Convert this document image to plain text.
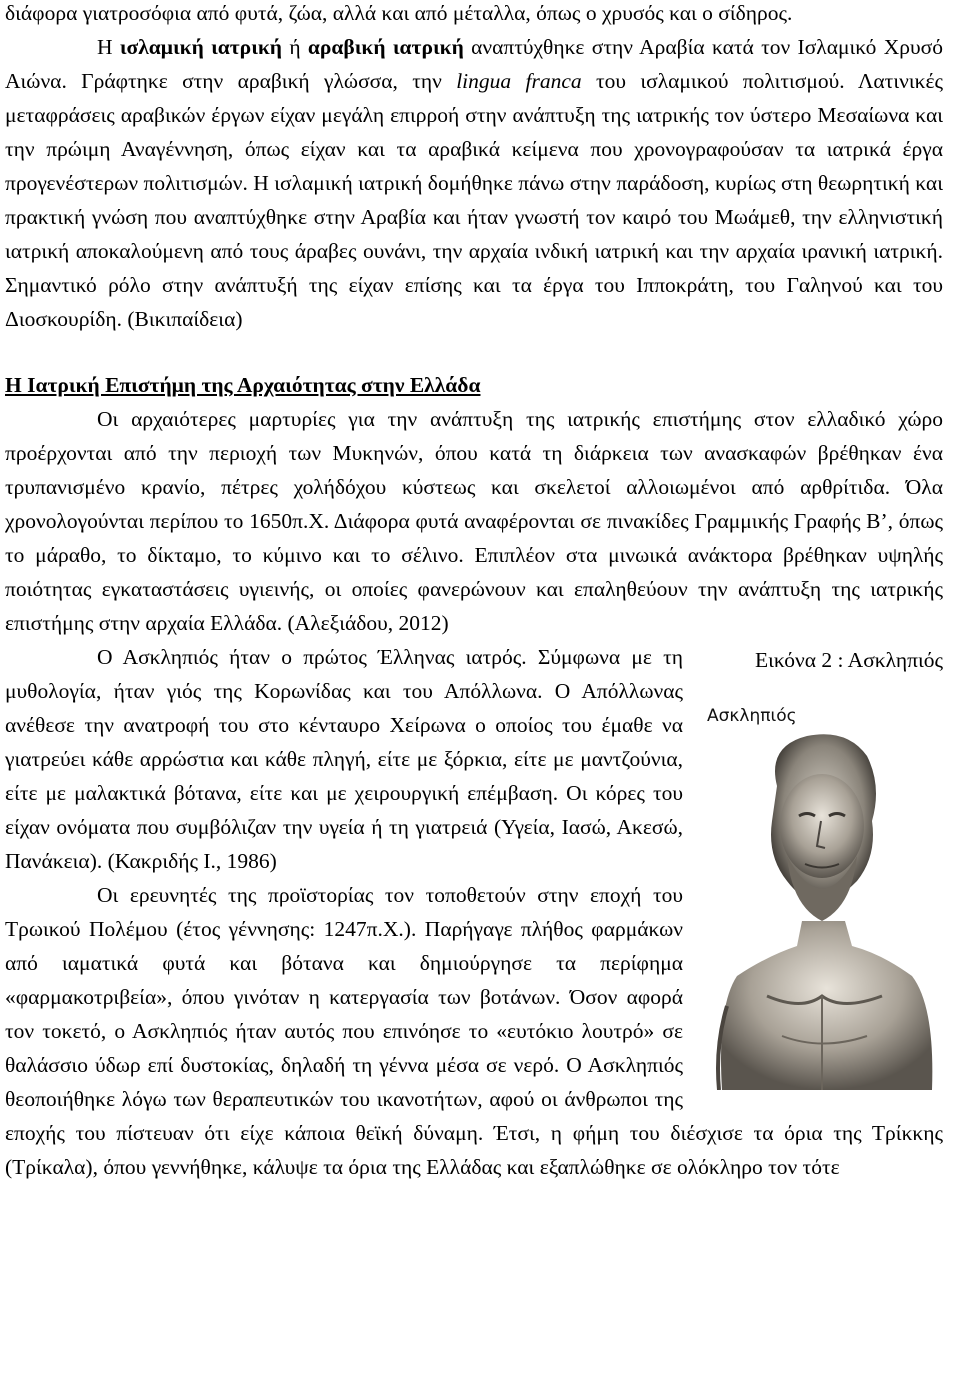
διάφορα γιατροσόφια από φυτά, ζώα, αλλά και από μέταλλα, όπως ο χρυσός και ο σίδηρος.

Η ισλαμική ιατρική ή αραβική ιατρική αναπτύχθηκε στην Αραβία κατά τον Ισλαμικό Χρυσό Αιώνα. Γράφτηκε στην αραβική γλώσσα, την lingua franca του ισλαμικού πολιτισμού. Λατινικές μεταφράσεις αραβικών έργων είχαν μεγάλη επιρροή στην ανάπτυξη της ιατρικής τον ύστερο Μεσαίωνα και την πρώιμη Αναγέννηση, όπως είχαν και τα αραβικά κείμενα που χρονογραφούσαν τα ιατρικά έργα προγενέστερων πολιτισμών. Η ισλαμική ιατρική δομήθηκε πάνω στην παράδοση, κυρίως στη θεωρητική και πρακτική γνώση που αναπτύχθηκε στην Αραβία και ήταν γνωστή τον καιρό του Μωάμεθ, την ελληνιστική ιατρική αποκαλούμενη από τους άραβες ουνάνι, την αρχαία ινδική ιατρική και την αρχαία ιρανική ιατρική. Σημαντικό ρόλο στην ανάπτυξή της είχαν επίσης και τα έργα του Ιπποκράτη, του Γαληνού και του Διοσκουρίδη. (Βικιπαίδεια)

Η Ιατρική Επιστήμη της Αρχαιότητας στην Ελλάδα

Οι αρχαιότερες μαρτυρίες για την ανάπτυξη της ιατρικής επιστήμης στον ελλαδικό χώρο προέρχονται από την περιοχή των Μυκηνών, όπου κατά τη διάρκεια των ανασκαφών βρέθηκαν ένα τρυπανισμένο κρανίο, πέτρες χολήδόχου κύστεως και σκελετοί αλλοιωμένοι από αρθρίτιδα. Όλα χρονολογούνται περίπου το 1650π.Χ. Διάφορα φυτά αναφέρονται σε πινακίδες Γραμμικής Γραφής Β’, όπως το μάραθο, το δίκταμο, το κύμινο και το σέλινο. Επιπλέον στα μινωικά ανάκτορα βρέθηκαν υψηλής ποιότητας εγκαταστάσεις υγιεινής, οι οποίες φανερώνουν και επαληθεύουν την ανάπτυξη της ιατρικής επιστήμης στην αρχαία Ελλάδα. (Αλεξιάδου, 2012)

Εικόνα 2 : Ασκληπιός
Ασκληπιός

Ο Ασκληπιός ήταν ο πρώτος Έλληνας ιατρός. Σύμφωνα με τη μυθολογία, ήταν γιός της Κορωνίδας και του Απόλλωνα. Ο Απόλλωνας ανέθεσε την ανατροφή του στο κένταυρο Χείρωνα ο οποίος του έμαθε να γιατρεύει κάθε αρρώστια και κάθε πληγή, είτε με ξόρκια, είτε με μαντζούνια, είτε με μαλακτικά βότανα, είτε και με χειρουργική επέμβαση. Οι κόρες του είχαν ονόματα που συμβόλιζαν την υγεία ή τη γιατρειά (Υγεία, Ιασώ, Ακεσώ, Πανάκεια). (Κακριδής Ι., 1986)

Οι ερευνητές της προϊστορίας τον τοποθετούν στην εποχή του Τρωικού Πολέμου (έτος γέννησης: 1247π.Χ.). Παρήγαγε πλήθος φαρμάκων από ιαματικά φυτά και βότανα και δημιούργησε τα περίφημα «φαρμακοτριβεία», όπου γινόταν η κατεργασία των βοτάνων. Όσον αφορά τον τοκετό, ο Ασκληπιός ήταν αυτός που επινόησε το «ευτόκιο λουτρό» σε θαλάσσιο ύδωρ επί δυστοκίας, δηλαδή τη γέννα μέσα σε νερό. Ο Ασκληπιός θεοποιήθηκε λόγω των θεραπευτικών του ικανοτήτων, αφού οι άνθρωποι της εποχής του πίστευαν ότι είχε κάποια θεϊκή δύναμη. Έτσι, η φήμη του διέσχισε τα όρια της Τρίκκης (Τρίκαλα), όπου γεννήθηκε, κάλυψε τα όρια της Ελλάδας και εξαπλώθηκε σε ολόκληρο τον τότε
